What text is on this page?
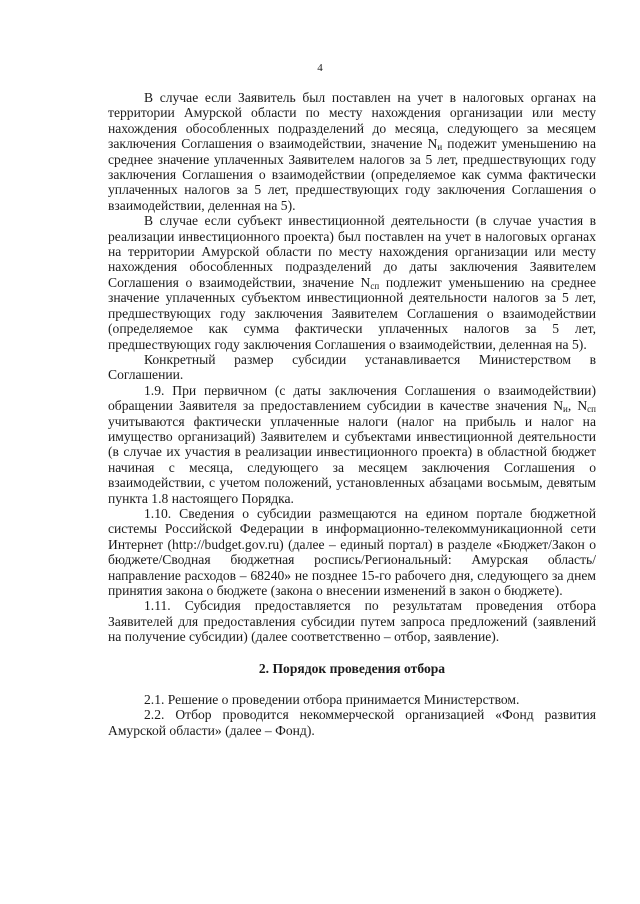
4

В случае если Заявитель был поставлен на учет в налоговых органах на территории Амурской области по месту нахождения организации или месту нахождения обособленных подразделений до месяца, следующего за месяцем заключения Соглашения о взаимодействии, значение $N_и$ подежит уменьшению на среднее значение уплаченных Заявителем налогов за 5 лет, предшествующих году заключения Соглашения о взаимодействии (определяемое как сумма фактически уплаченных налогов за 5 лет, предшествующих году заключения Соглашения о взаимодействии, деленная на 5).

В случае если субъект инвестиционной деятельности (в случае участия в реализации инвестиционного проекта) был поставлен на учет в налоговых органах на территории Амурской области по месту нахождения организации или месту нахождения обособленных подразделений до даты заключения Заявителем Соглашения о взаимодействии, значение $N_{сп}$ подлежит уменьшению на среднее значение уплаченных субъектом инвестиционной деятельности налогов за 5 лет, предшествующих году заключения Заявителем Соглашения о взаимодействии (определяемое как сумма фактически уплаченных налогов за 5 лет, предшествующих году заключения Соглашения о взаимодействии, деленная на 5).

Конкретный размер субсидии устанавливается Министерством в Соглашении.

1.9. При первичном (с даты заключения Соглашения о взаимодействии) обращении Заявителя за предоставлением субсидии в качестве значения $N_и$, $N_{сп}$ учитываются фактически уплаченные налоги (налог на прибыль и налог на имущество организаций) Заявителем и субъектами инвестиционной деятельности (в случае их участия в реализации инвестиционного проекта) в областной бюджет начиная с месяца, следующего за месяцем заключения Соглашения о взаимодействии, с учетом положений, установленных абзацами восьмым, девятым пункта 1.8 настоящего Порядка.

1.10. Сведения о субсидии размещаются на едином портале бюджетной системы Российской Федерации в информационно-телекоммуникационной сети Интернет (http://budget.gov.ru) (далее – единый портал) в разделе «Бюджет/Закон о бюджете/Сводная бюджетная роспись/Региональный: Амурская область/ направление расходов – 68240» не позднее 15-го рабочего дня, следующего за днем принятия закона о бюджете (закона о внесении изменений в закон о бюджете).

1.11. Субсидия предоставляется по результатам проведения отбора Заявителей для предоставления субсидии путем запроса предложений (заявлений на получение субсидии) (далее соответственно – отбор, заявление).

2. Порядок проведения отбора

2.1. Решение о проведении отбора принимается Министерством.

2.2. Отбор проводится некоммерческой организацией «Фонд развития Амурской области» (далее – Фонд).
